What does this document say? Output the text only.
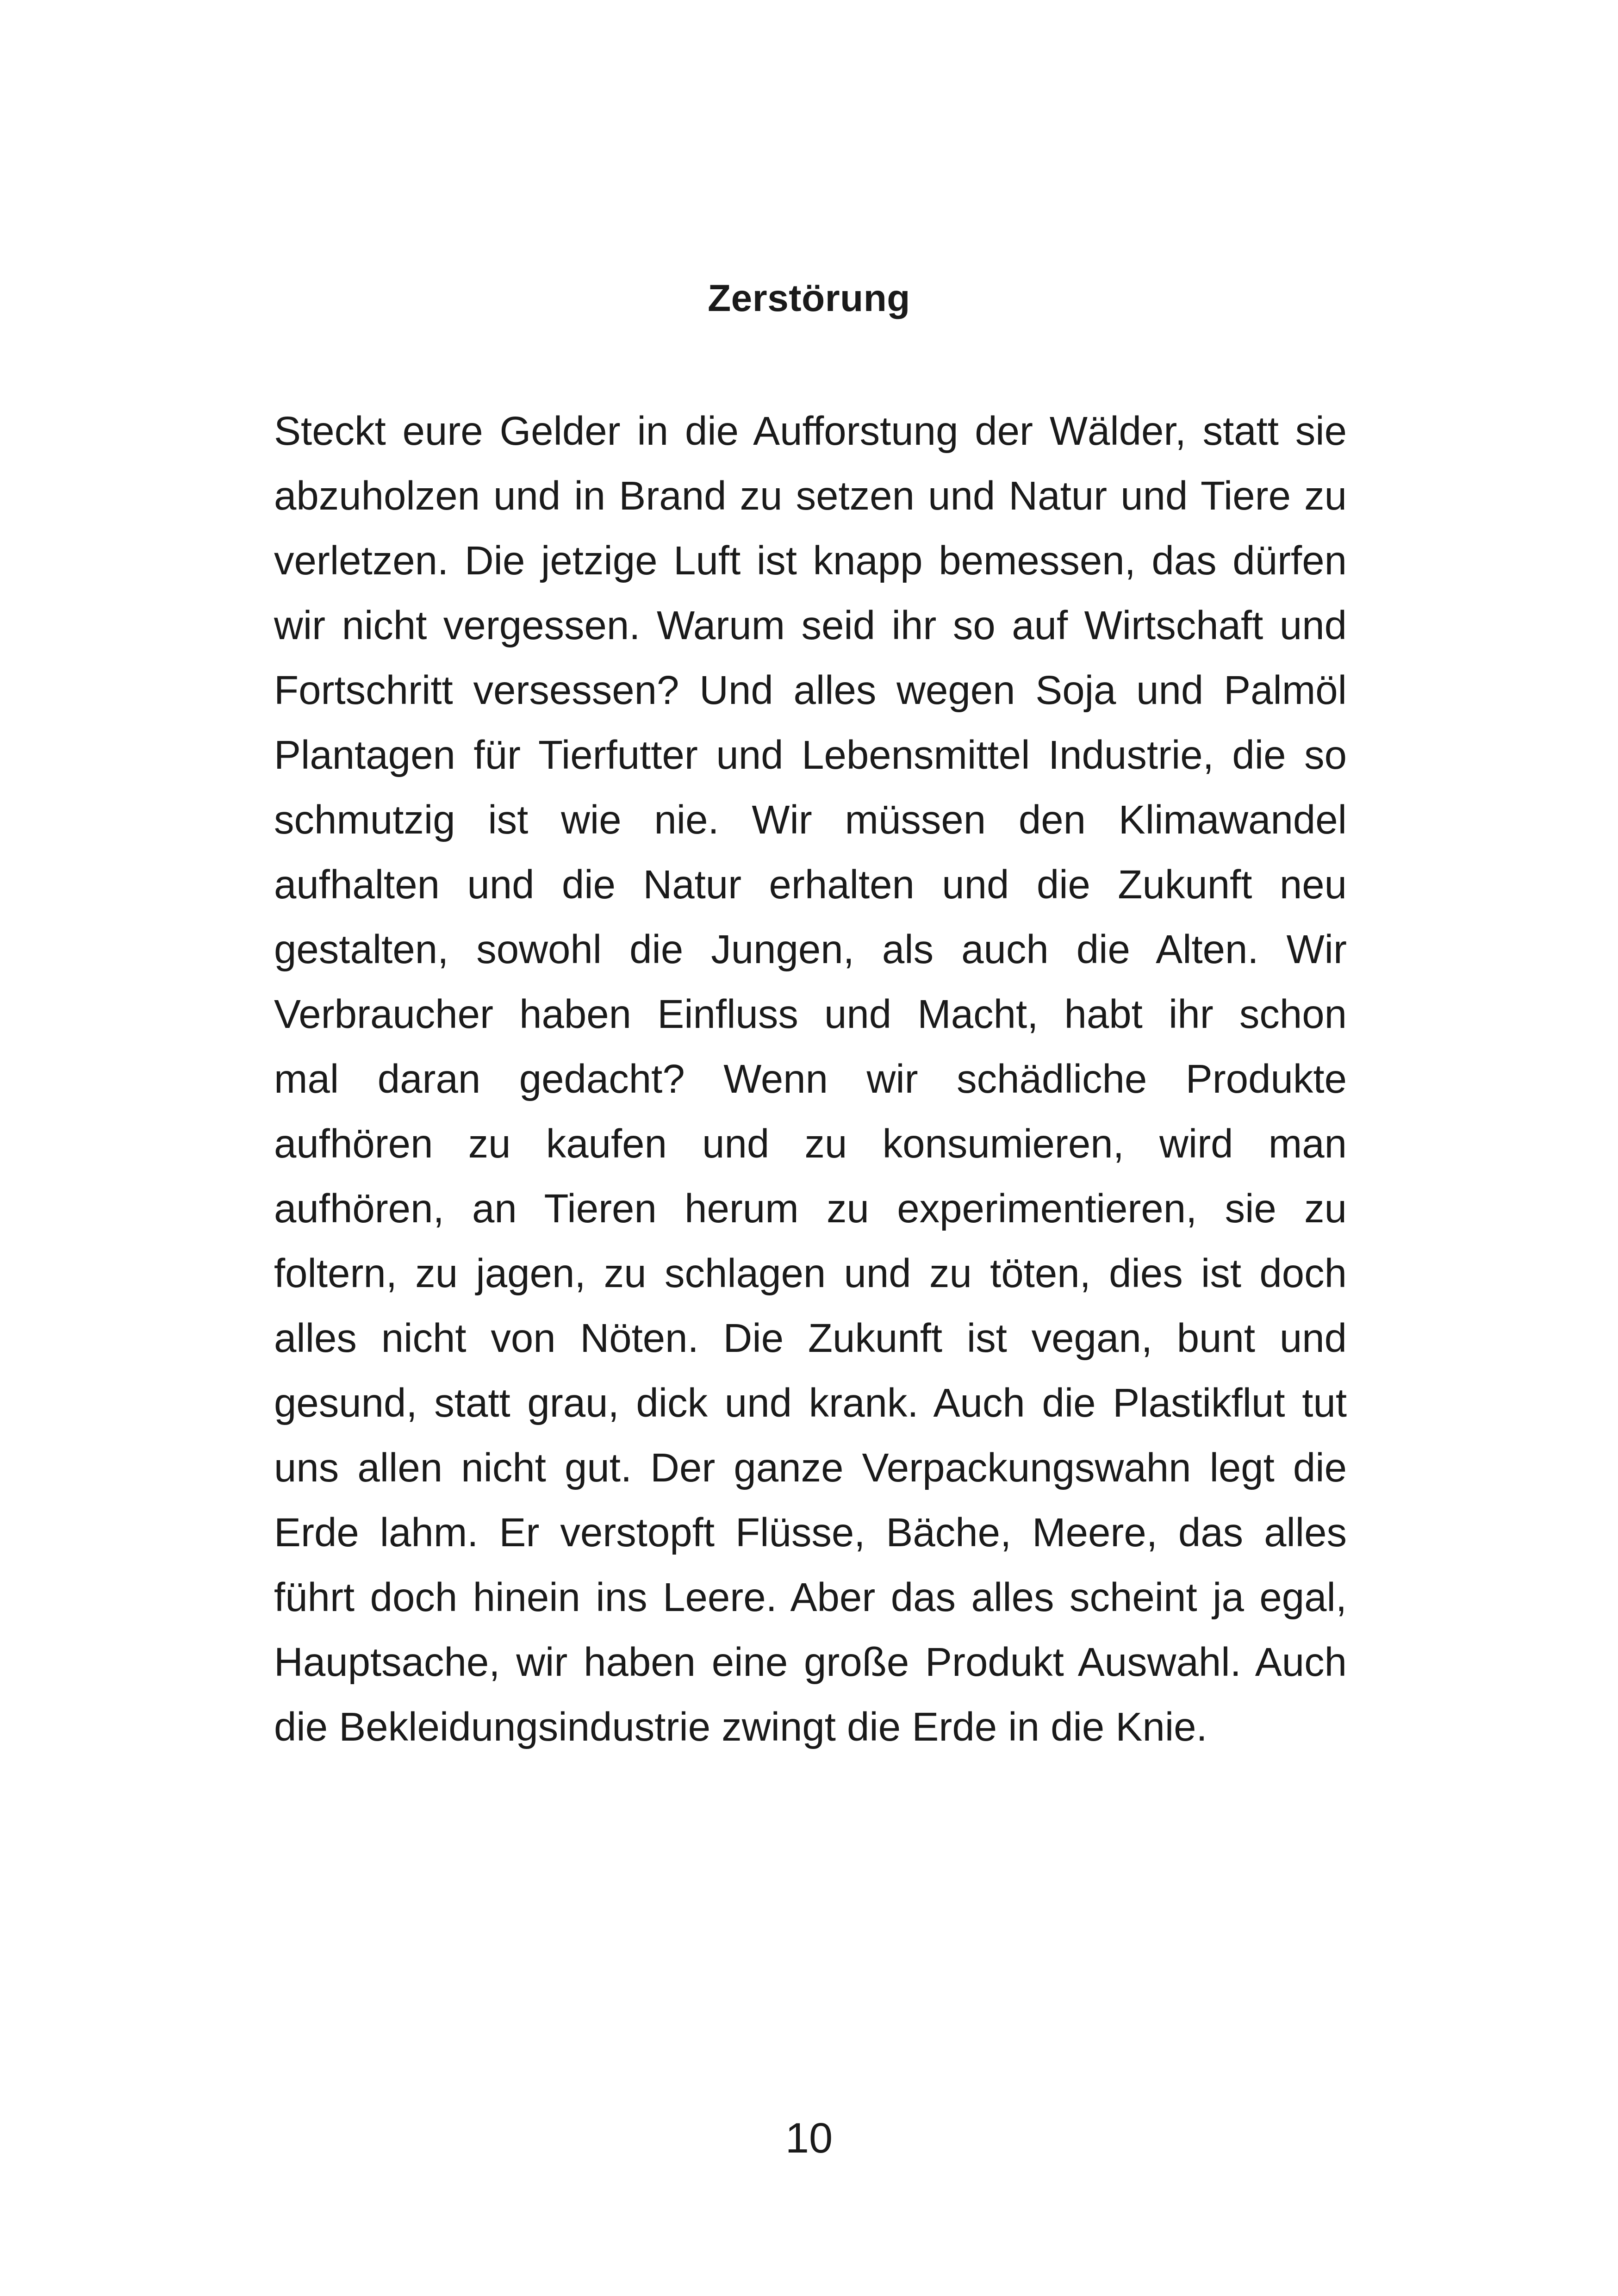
Zerstörung
Steckt eure Gelder in die Aufforstung der Wälder, statt sie
abzuholzen und in Brand zu setzen und Natur und Tiere zu
verletzen. Die jetzige Luft ist knapp bemessen, das dürfen
wir nicht vergessen. Warum seid ihr so auf Wirtschaft und
Fortschritt versessen? Und alles wegen Soja und Palmöl
Plantagen für Tierfutter und Lebensmittel Industrie, die so
schmutzig ist wie nie. Wir müssen den Klimawandel
aufhalten und die Natur erhalten und die Zukunft neu
gestalten, sowohl die Jungen, als auch die Alten. Wir
Verbraucher haben Einfluss und Macht, habt ihr schon
mal daran gedacht? Wenn wir schädliche Produkte
aufhören zu kaufen und zu konsumieren, wird man
aufhören, an Tieren herum zu experimentieren, sie zu
foltern, zu jagen, zu schlagen und zu töten, dies ist doch
alles nicht von Nöten. Die Zukunft ist vegan, bunt und
gesund, statt grau, dick und krank. Auch die Plastikflut tut
uns allen nicht gut. Der ganze Verpackungswahn legt die
Erde lahm. Er verstopft Flüsse, Bäche, Meere, das alles
führt doch hinein ins Leere. Aber das alles scheint ja egal,
Hauptsache, wir haben eine große Produkt Auswahl. Auch
die Bekleidungsindustrie zwingt die Erde in die Knie.
10
